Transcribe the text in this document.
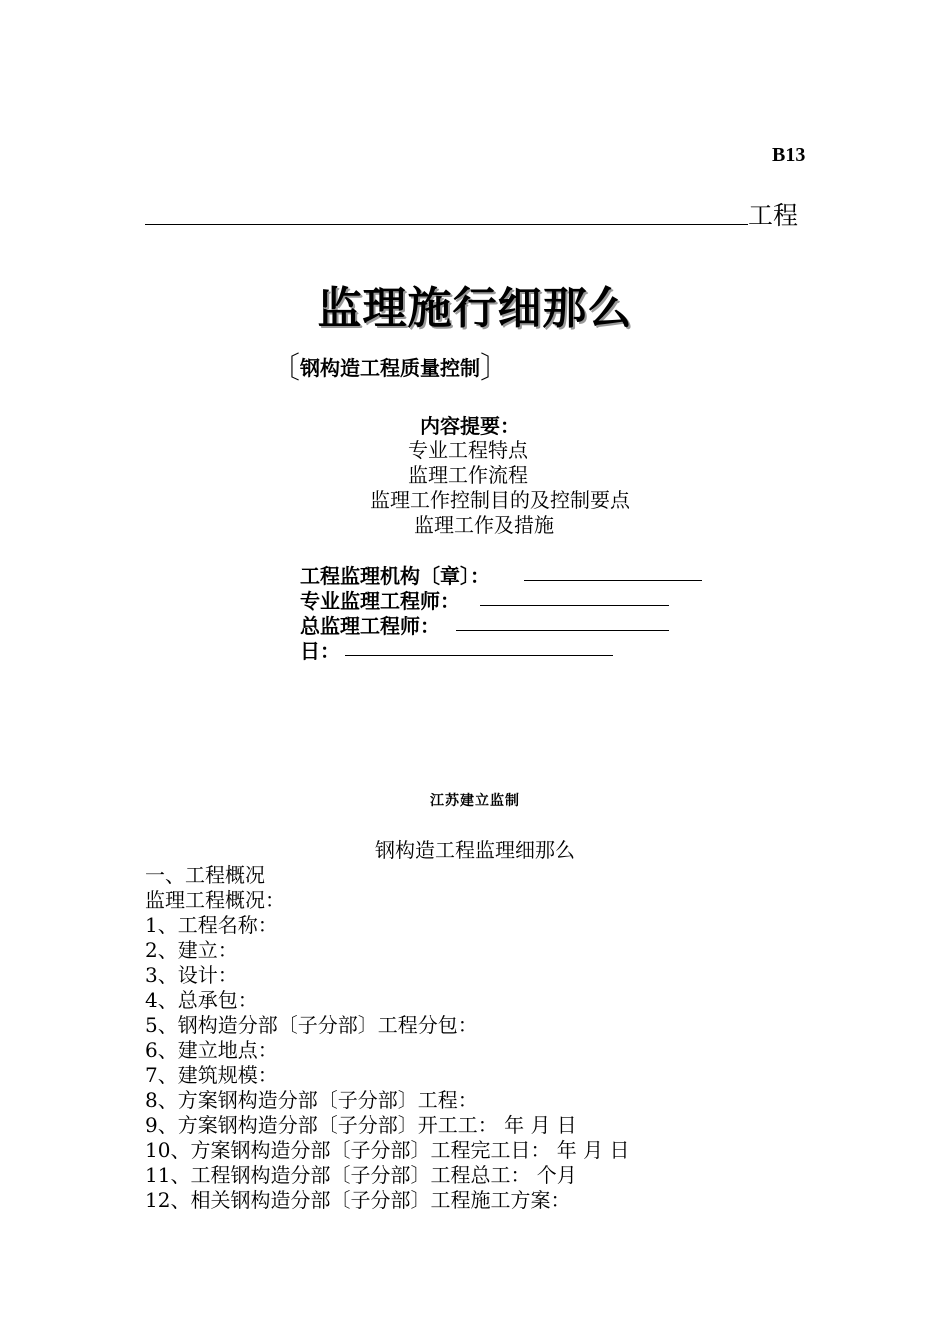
B13
工程
监理施行细那么
〔钢构造工程质量控制〕
内容提要：
专业工程特点
监理工作流程
监理工作控制目的及控制要点
监理工作及措施
工程监理机构〔章〕：
专业监理工程师：
总监理工程师：
日：
江苏建立监制
钢构造工程监理细那么
一、工程概况
监理工程概况：
1、工程名称：
2、建立：
3、设计：
4、总承包：
5、钢构造分部〔子分部〕工程分包：
6、建立地点：
7、建筑规模：
8、方案钢构造分部〔子分部〕工程：
9、方案钢构造分部〔子分部〕开工工： 年 月 日
10、方案钢构造分部〔子分部〕工程完工日： 年 月 日
11、工程钢构造分部〔子分部〕工程总工： 个月
12、相关钢构造分部〔子分部〕工程施工方案：
